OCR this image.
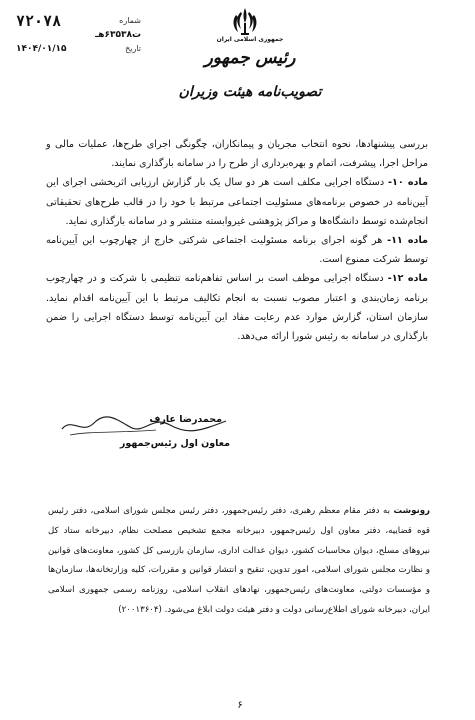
شماره
۷۲۰۷۸
ت۶۳۵۳۸هـ
تاریخ
۱۴۰۴/۰۱/۱۵
جمهوری اسلامی ایران
رئیس جمهور
تصویب‌نامه هیئت وزیران

بررسی پیشنهادها، نحوه انتخاب مجریان و پیمانکاران، چگونگی اجرای طرح‌ها، عملیات مالی و مراحل اجرا، پیشرفت، اتمام و بهره‌برداری از طرح را در سامانه بارگذاری نمایند.

ماده ۱۰- دستگاه اجرایی مکلف است هر دو سال یک بار گزارش ارزیابی اثربخشی اجرای این آیین‌نامه در خصوص برنامه‌های مسئولیت اجتماعی مرتبط با خود را در قالب طرح‌های تحقیقاتی انجام‌شده توسط دانشگاه‌ها و مراکز پژوهشی غیروابسته منتشر و در سامانه بارگذاری نماید.

ماده ۱۱- هر گونه اجرای برنامه مسئولیت اجتماعی شرکتی خارج از چهارچوب این آیین‌نامه توسط شرکت ممنوع است.

ماده ۱۲- دستگاه اجرایی موظف است بر اساس تفاهم‌نامه تنظیمی با شرکت و در چهارچوب برنامه زمان‌بندی و اعتبار مصوب نسبت به انجام تکالیف مرتبط با این آیین‌نامه اقدام نماید. سازمان استان، گزارش موارد عدم رعایت مفاد این آیین‌نامه توسط دستگاه اجرایی را ضمن بارگذاری در سامانه به رئیس شورا ارائه می‌دهد.

محمدرضا عارف
معاون اول رئیس‌جمهور
رونوشت به دفتر مقام معظم رهبری، دفتر رئیس‌جمهور، دفتر رئیس مجلس شورای اسلامی، دفتر رئیس قوه قضاییه، دفتر معاون اول رئیس‌جمهور، دبیرخانه مجمع تشخیص مصلحت نظام، دبیرخانه ستاد کل نیروهای مسلح، دیوان محاسبات کشور، دیوان عدالت اداری، سازمان بازرسی کل کشور، معاونت‌های قوانین و نظارت مجلس شورای اسلامی، امور تدوین، تنقیح و انتشار قوانین و مقررات، کلیه وزارتخانه‌ها، سازمان‌ها و مؤسسات دولتی، معاونت‌های رئیس‌جمهور، نهادهای انقلاب اسلامی، روزنامه رسمی جمهوری اسلامی ایران، دبیرخانه شورای اطلاع‌رسانی دولت و دفتر هیئت دولت ابلاغ می‌شود. (۲۰۰۱۳۶۰۴)
۶
